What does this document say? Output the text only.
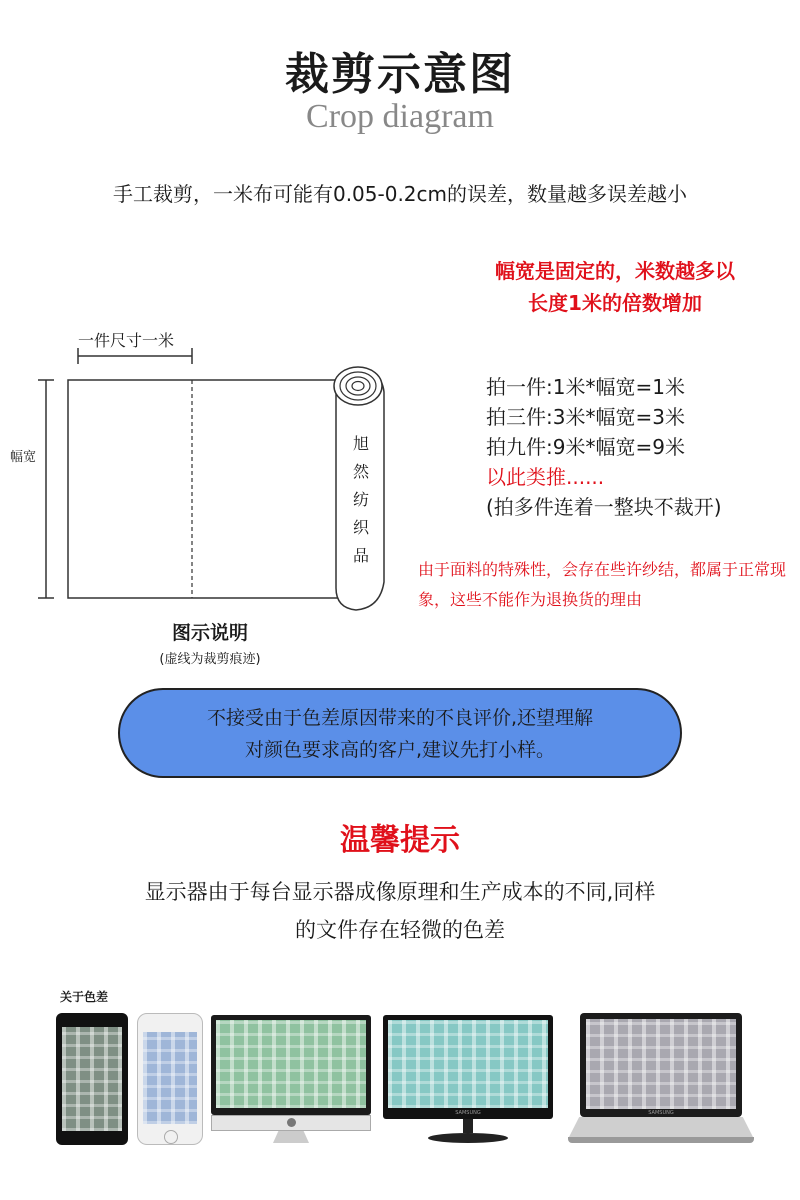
裁剪示意图
Crop diagram
手工裁剪，一米布可能有0.05-0.2cm的误差，数量越多误差越小
幅宽是固定的，米数越多以
长度1米的倍数增加
一件尺寸一米
幅宽
旭
然
纺
织
品
图示说明
(虚线为裁剪痕迹)
拍一件:1米*幅宽=1米
拍三件:3米*幅宽=3米
拍九件:9米*幅宽=9米
以此类推......
(拍多件连着一整块不裁开)
由于面料的特殊性，会存在些许纱结，都属于正常现象，这些不能作为退换货的理由
不接受由于色差原因带来的不良评价,还望理解
对颜色要求高的客户,建议先打小样。
温馨提示
显示器由于每台显示器成像原理和生产成本的不同,同样
的文件存在轻微的色差
关于色差
SAMSUNG	SAMSUNG
